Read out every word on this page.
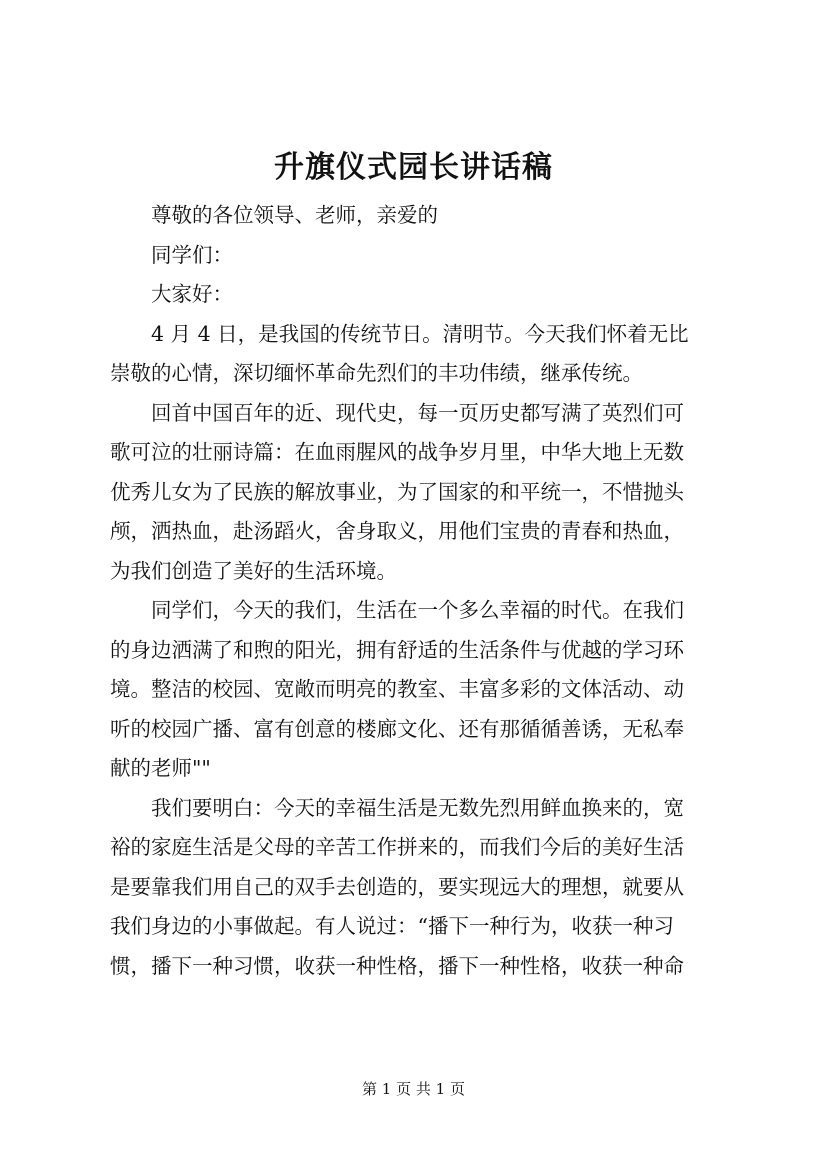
升旗仪式园长讲话稿
尊敬的各位领导、老师，亲爱的
同学们：
大家好：
4 月 4 日，是我国的传统节日。清明节。今天我们怀着无比
崇敬的心情，深切缅怀革命先烈们的丰功伟绩，继承传统。
回首中国百年的近、现代史，每一页历史都写满了英烈们可
歌可泣的壮丽诗篇：在血雨腥风的战争岁月里，中华大地上无数
优秀儿女为了民族的解放事业，为了国家的和平统一，不惜抛头
颅，洒热血，赴汤蹈火，舍身取义，用他们宝贵的青春和热血，
为我们创造了美好的生活环境。
同学们，今天的我们，生活在一个多么幸福的时代。在我们
的身边洒满了和煦的阳光，拥有舒适的生活条件与优越的学习环
境。整洁的校园、宽敞而明亮的教室、丰富多彩的文体活动、动
听的校园广播、富有创意的楼廊文化、还有那循循善诱，无私奉
献的老师""
我们要明白：今天的幸福生活是无数先烈用鲜血换来的，宽
裕的家庭生活是父母的辛苦工作拼来的，而我们今后的美好生活
是要靠我们用自己的双手去创造的，要实现远大的理想，就要从
我们身边的小事做起。有人说过：“播下一种行为，收获一种习
惯，播下一种习惯，收获一种性格，播下一种性格，收获一种命
第 1 页 共 1 页
